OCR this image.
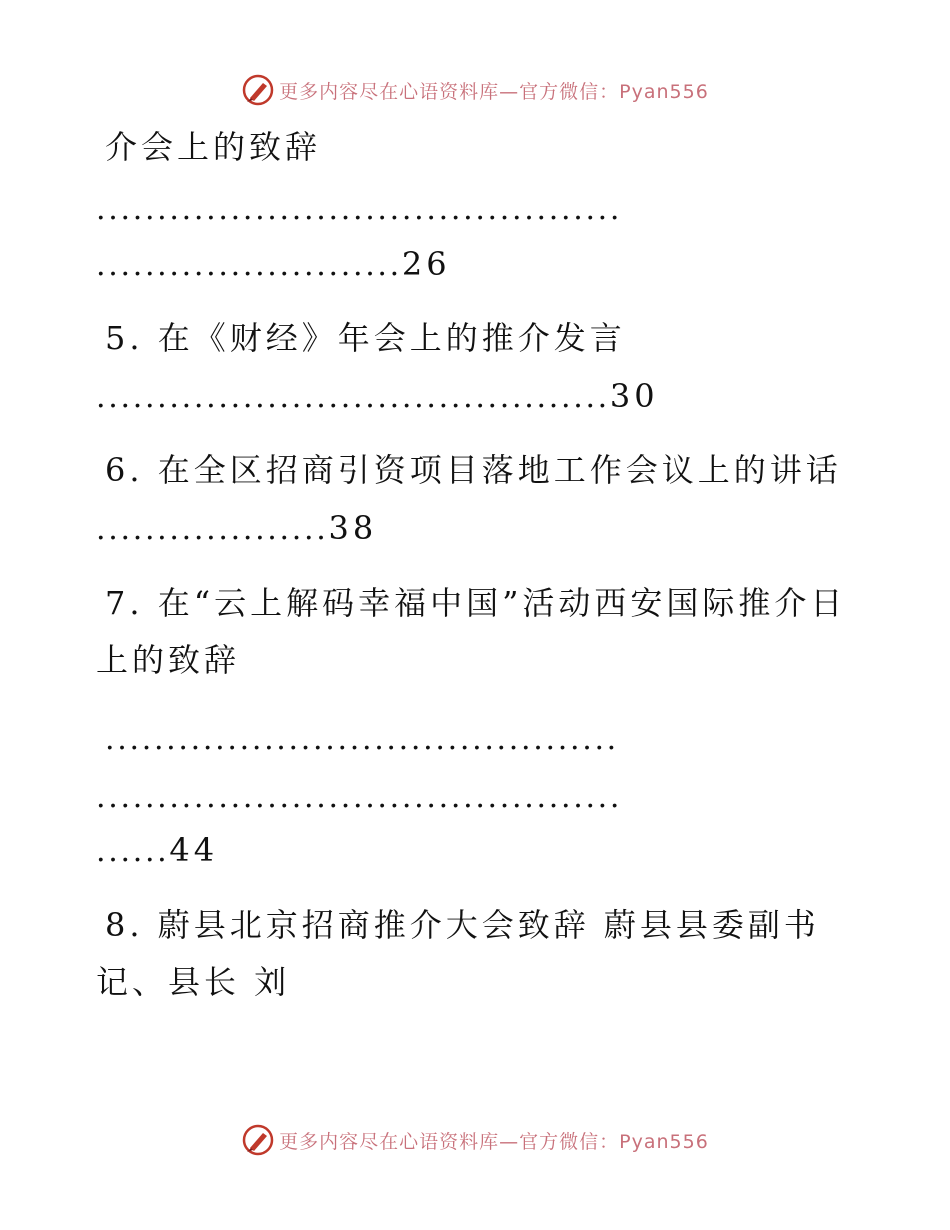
更多内容尽在心语资料库—官方微信：Pyan556
介会上的致辞
...........................................
.........................26
5. 在《财经》年会上的推介发言
..........................................30
6. 在全区招商引资项目落地工作会议上的讲话
...................38
7. 在“云上解码幸福中国”活动西安国际推介日
上的致辞
..........................................
...........................................
......44
8. 蔚县北京招商推介大会致辞 蔚县县委副书
记、县长 刘
更多内容尽在心语资料库—官方微信：Pyan556
